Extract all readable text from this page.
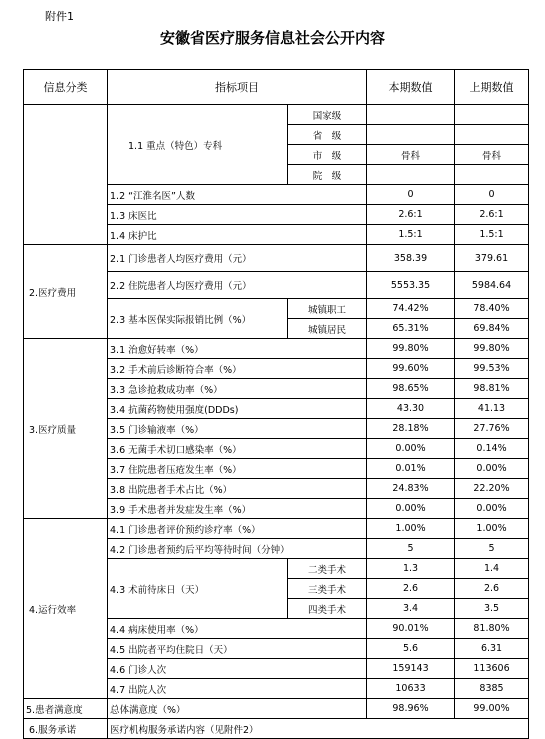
附件1
安徽省医疗服务信息社会公开内容
信息分类	指标项目		本期数值	上期数值
	1.1 重点（特色）专科	国家级		
		省　级		
		市　级	骨科	骨科
		院　级		
	1.2 “江淮名医”人数		0	0
	1.3 床医比		2.6:1	2.6:1
	1.4 床护比		1.5:1	1.5:1
2.医疗费用	2.1 门诊患者人均医疗费用（元）		358.39	379.61
	2.2 住院患者人均医疗费用（元）		5553.35	5984.64
	2.3 基本医保实际报销比例（%）	城镇职工	74.42%	78.40%
		城镇居民	65.31%	69.84%
3.医疗质量	3.1 治愈好转率（%）		99.80%	99.80%
	3.2 手术前后诊断符合率（%）		99.60%	99.53%
	3.3 急诊抢救成功率（%）		98.65%	98.81%
	3.4 抗菌药物使用强度(DDDs)		43.30	41.13
	3.5 门诊输液率（%）		28.18%	27.76%
	3.6 无菌手术切口感染率（%）		0.00%	0.14%
	3.7 住院患者压疮发生率（%）		0.01%	0.00%
	3.8 出院患者手术占比（%）		24.83%	22.20%
	3.9 手术患者并发症发生率（%）		0.00%	0.00%
4.运行效率	4.1 门诊患者评价预约诊疗率（%）		1.00%	1.00%
	4.2 门诊患者预约后平均等待时间（分钟）		5	5
	4.3 术前待床日（天）	二类手术	1.3	1.4
		三类手术	2.6	2.6
		四类手术	3.4	3.5
	4.4 病床使用率（%）		90.01%	81.80%
	4.5 出院者平均住院日（天）		5.6	6.31
	4.6 门诊人次		159143	113606
	4.7 出院人次		10633	8385
5.患者满意度	总体满意度（%）		98.96%	99.00%
6.服务承诺	医疗机构服务承诺内容（见附件2）			
